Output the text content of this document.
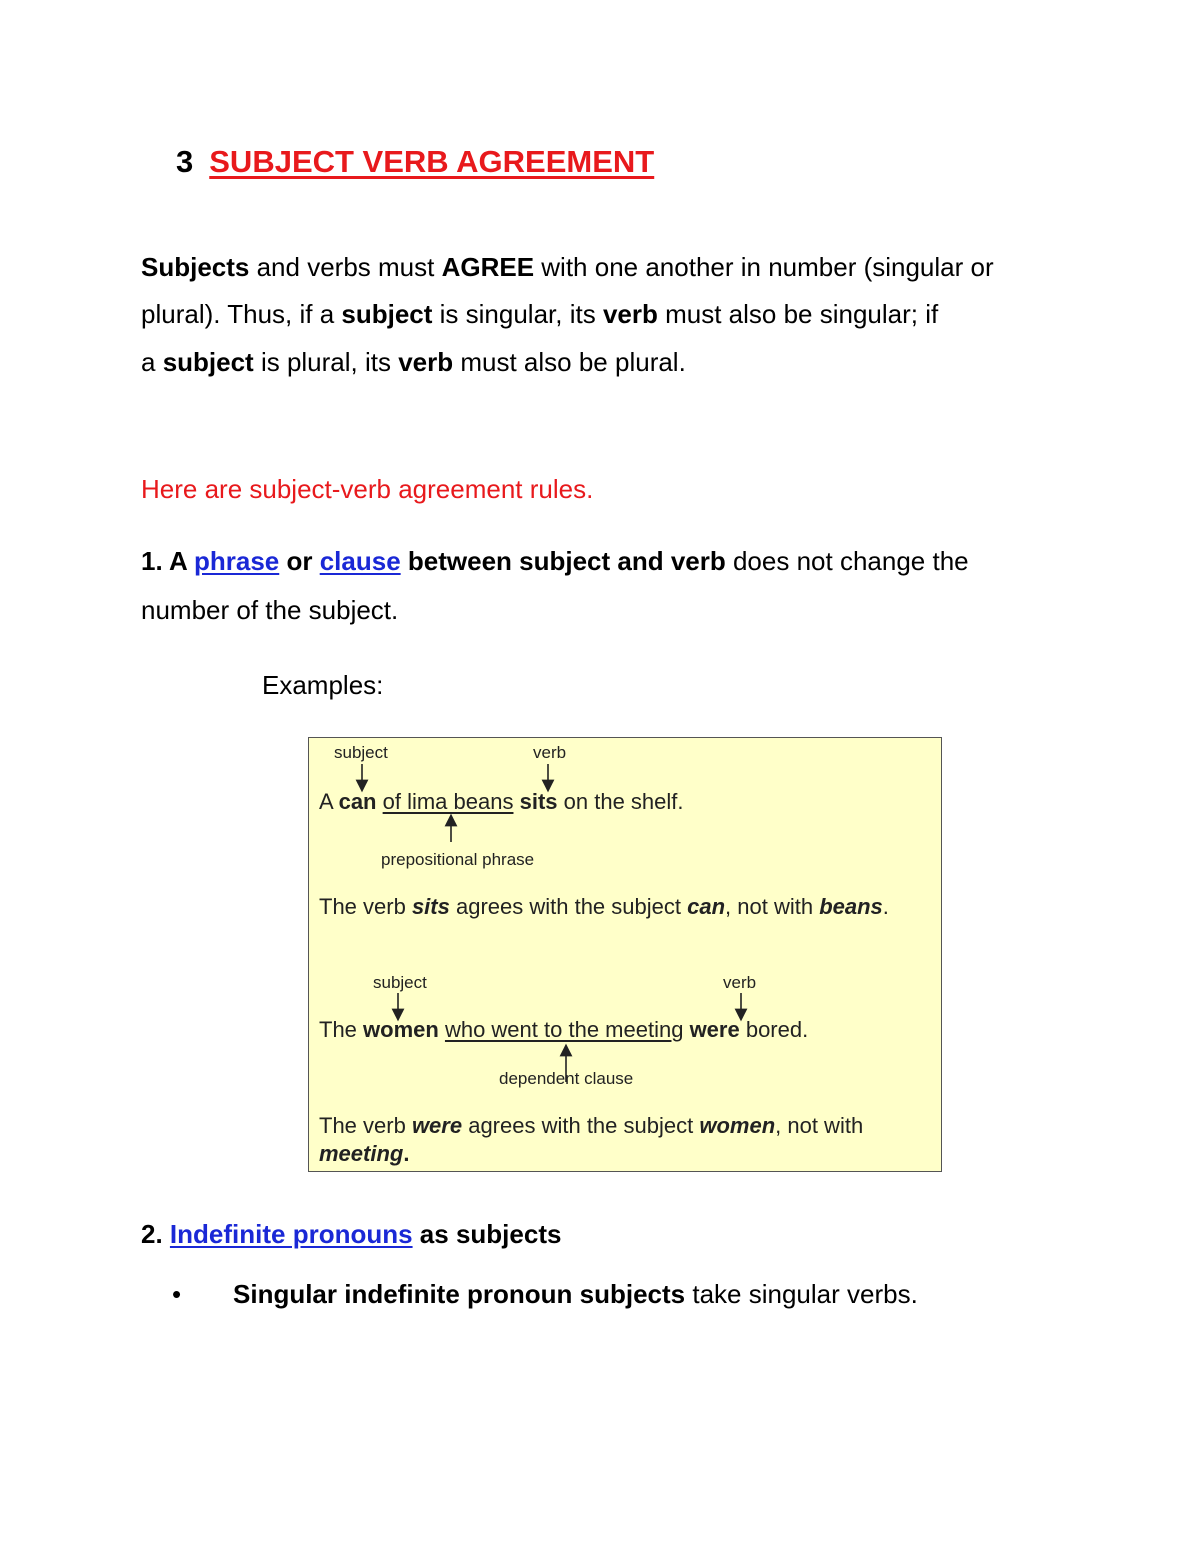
3 SUBJECT VERB AGREEMENT
Subjects and verbs must AGREE with one another in number (singular or
plural). Thus, if a subject is singular, its verb must also be singular; if
a subject is plural, its verb must also be plural.
Here are subject-verb agreement rules.
1. A phrase or clause between subject and verb does not change the
number of the subject.
Examples:
subject	verb
A can of lima beans sits on the shelf.
prepositional phrase
The verb sits agrees with the subject can, not with beans.
subject	verb
The women who went to the meeting were bored.
dependent clause
The verb were agrees with the subject women, not with
meeting.
2. Indefinite pronouns as subjects
• Singular indefinite pronoun subjects take singular verbs.
